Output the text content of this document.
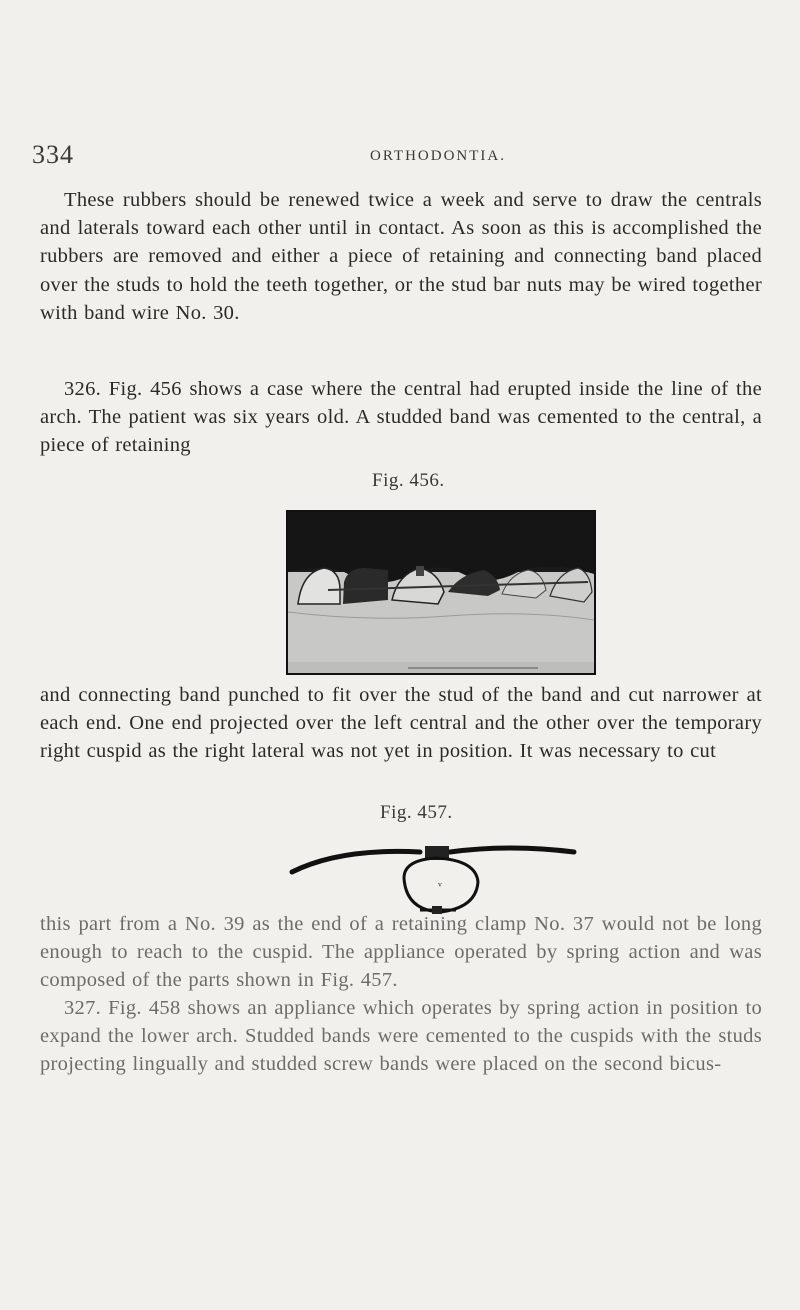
334	ORTHODONTIA.

These rubbers should be renewed twice a week and serve to draw the centrals and laterals toward each other until in contact. As soon as this is accomplished the rubbers are removed and either a piece of retaining and connecting band placed over the studs to hold the teeth together, or the stud bar nuts may be wired together with band wire No. 30.

326. Fig. 456 shows a case where the central had erupted inside the line of the arch. The patient was six years old. A studded band was cemented to the central, a piece of retaining

Fig. 456.

and connecting band punched to fit over the stud of the band and cut narrower at each end. One end projected over the left central and the other over the temporary right cuspid as the right lateral was not yet in position. It was necessary to cut

Fig. 457.
ᵛ

this part from a No. 39 as the end of a retaining clamp No. 37 would not be long enough to reach to the cuspid. The appliance operated by spring action and was composed of the parts shown in Fig. 457.

327. Fig. 458 shows an appliance which operates by spring action in position to expand the lower arch. Studded bands were cemented to the cuspids with the studs projecting lingually and studded screw bands were placed on the second bicus-
